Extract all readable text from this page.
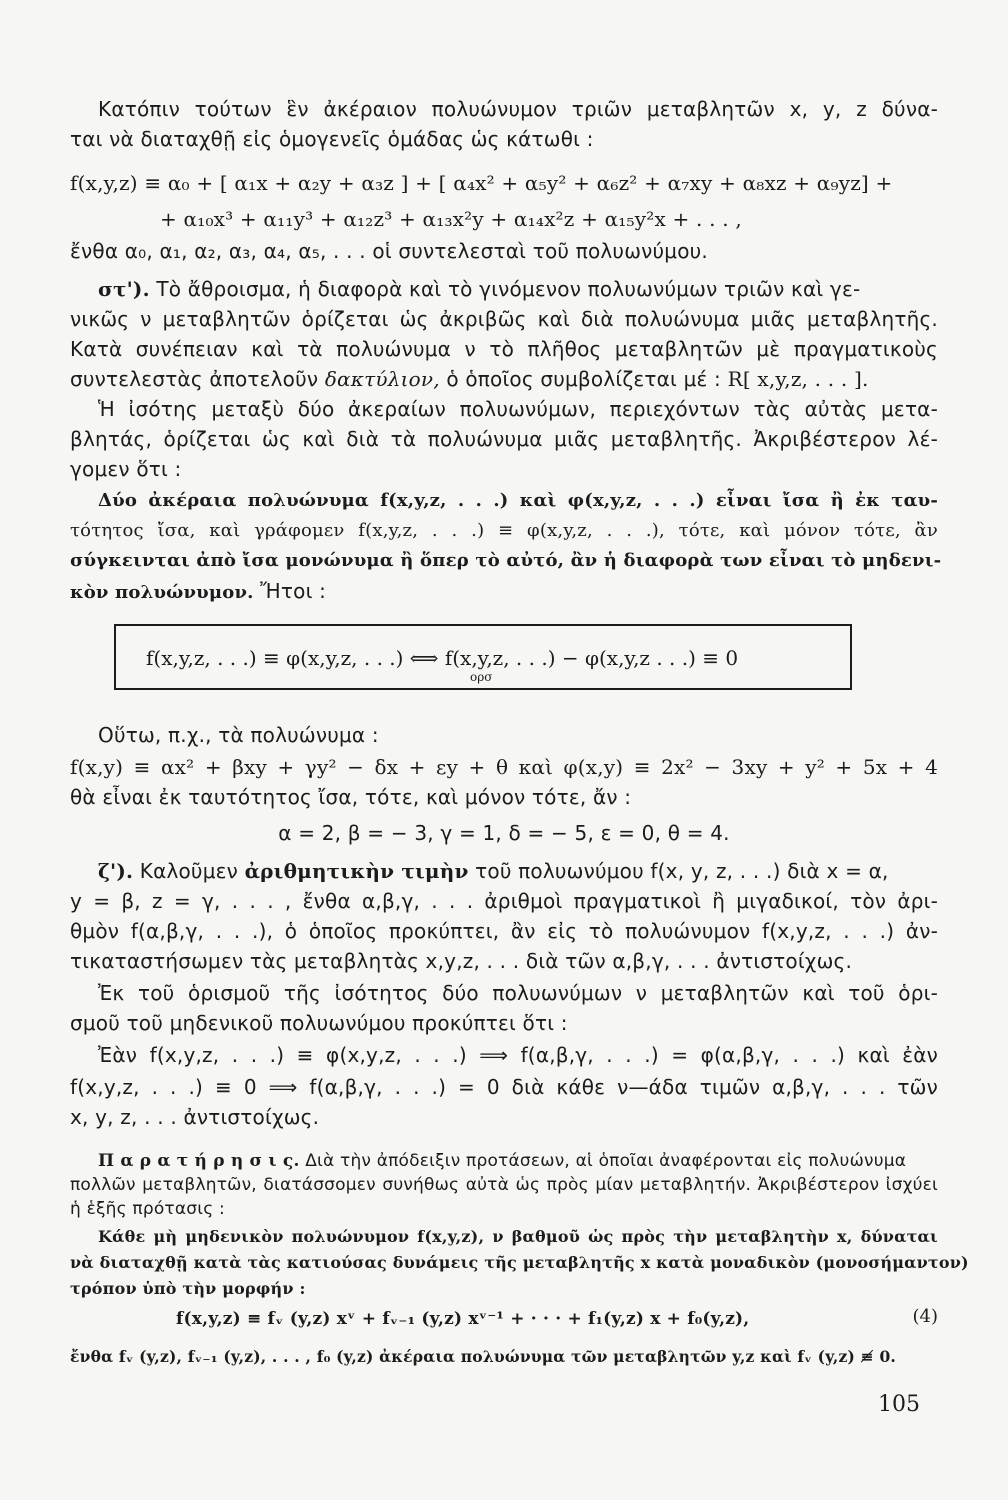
Κατόπιν τούτων ἓν ἀκέραιον πολυώνυμον τριῶν μεταβλητῶν x, y, z δύνα-
ται νὰ διαταχθῇ εἰς ὁμογενεῖς ὁμάδας ὡς κάτωθι :
f(x,y,z) ≡ α₀ + [ α₁x + α₂y + α₃z ] + [ α₄x² + α₅y² + α₆z² + α₇xy + α₈xz + α₉yz] +
+ α₁₀x³ + α₁₁y³ + α₁₂z³ + α₁₃x²y + α₁₄x²z + α₁₅y²x + . . . ,
ἔνθα α₀, α₁, α₂, α₃, α₄, α₅, . . . οἱ συντελεσταὶ τοῦ πολυωνύμου.
στ'). Τὸ ἄθροισμα, ἡ διαφορὰ καὶ τὸ γινόμενον πολυωνύμων τριῶν καὶ γε-
νικῶς ν μεταβλητῶν ὁρίζεται ὡς ἀκριβῶς καὶ διὰ πολυώνυμα μιᾶς μεταβλητῆς.
Κατὰ συνέπειαν καὶ τὰ πολυώνυμα ν τὸ πλῆθος μεταβλητῶν μὲ πραγματικοὺς
συντελεστὰς ἀποτελοῦν δακτύλιον, ὁ ὁποῖος συμβολίζεται μέ : R[ x,y,z, . . . ].
Ἡ ἰσότης μεταξὺ δύο ἀκεραίων πολυωνύμων, περιεχόντων τὰς αὐτὰς μετα-
βλητάς, ὁρίζεται ὡς καὶ διὰ τὰ πολυώνυμα μιᾶς μεταβλητῆς. Ἀκριβέστερον λέ-
γομεν ὅτι :
Δύο ἀκέραια πολυώνυμα f(x,y,z, . . .) καὶ φ(x,y,z, . . .) εἶναι ἴσα ἢ ἐκ ταυ-
τότητος ἴσα, καὶ γράφομεν f(x,y,z, . . .) ≡ φ(x,y,z, . . .), τότε, καὶ μόνον τότε, ἂν
σύγκεινται ἀπὸ ἴσα μονώνυμα ἢ ὅπερ τὸ αὐτό, ἂν ἡ διαφορὰ των εἶναι τὸ μηδενι-
κὸν πολυώνυμον. Ἤτοι :
f(x,y,z, . . .) ≡ φ(x,y,z, . . .) ⟺ f(x,y,z, . . .) − φ(x,y,z . . .) ≡ 0
ορσ
Οὕτω, π.χ., τὰ πολυώνυμα :
f(x,y) ≡ αx² + βxy + γy² − δx + εy + θ καὶ φ(x,y) ≡ 2x² − 3xy + y² + 5x + 4
θὰ εἶναι ἐκ ταυτότητος ἴσα, τότε, καὶ μόνον τότε, ἄν :
α = 2, β = − 3, γ = 1, δ = − 5, ε = 0, θ = 4.
ζ'). Καλοῦμεν ἀριθμητικὴν τιμὴν τοῦ πολυωνύμου f(x, y, z, . . .) διὰ x = α,
y = β, z = γ, . . . , ἔνθα α,β,γ, . . . ἀριθμοὶ πραγματικοὶ ἢ μιγαδικοί, τὸν ἀρι-
θμὸν f(α,β,γ, . . .), ὁ ὁποῖος προκύπτει, ἂν εἰς τὸ πολυώνυμον f(x,y,z, . . .) ἀν-
τικαταστήσωμεν τὰς μεταβλητὰς x,y,z, . . . διὰ τῶν α,β,γ, . . . ἀντιστοίχως.
Ἐκ τοῦ ὁρισμοῦ τῆς ἰσότητος δύο πολυωνύμων ν μεταβλητῶν καὶ τοῦ ὁρι-
σμοῦ τοῦ μηδενικοῦ πολυωνύμου προκύπτει ὅτι :
Ἐὰν f(x,y,z, . . .) ≡ φ(x,y,z, . . .) ⟹ f(α,β,γ, . . .) = φ(α,β,γ, . . .) καὶ ἐὰν
f(x,y,z, . . .) ≡ 0 ⟹ f(α,β,γ, . . .) = 0 διὰ κάθε ν—άδα τιμῶν α,β,γ, . . . τῶν
x, y, z, . . . ἀντιστοίχως.
Π α ρ α τ ή ρ η σ ι ς. Διὰ τὴν ἀπόδειξιν προτάσεων, αἱ ὁποῖαι ἀναφέρονται εἰς πολυώνυμα
πολλῶν μεταβλητῶν, διατάσσομεν συνήθως αὐτὰ ὡς πρὸς μίαν μεταβλητήν. Ἀκριβέστερον ἰσχύει
ἡ ἑξῆς πρότασις :
Κάθε μὴ μηδενικὸν πολυώνυμον f(x,y,z), ν βαθμοῦ ὡς πρὸς τὴν μεταβλητὴν x, δύναται
νὰ διαταχθῇ κατὰ τὰς κατιούσας δυνάμεις τῆς μεταβλητῆς x κατὰ μοναδικὸν (μονοσήμαντον)
τρόπον ὑπὸ τὴν μορφήν :
f(x,y,z) ≡ fᵥ (y,z) xᵛ + fᵥ₋₁ (y,z) xᵛ⁻¹ + · · · + f₁(y,z) x + f₀(y,z),	(4)
ἔνθα fᵥ (y,z), fᵥ₋₁ (y,z), . . . , f₀ (y,z) ἀκέραια πολυώνυμα τῶν μεταβλητῶν y,z καὶ fᵥ (y,z) ≢ 0.
105
